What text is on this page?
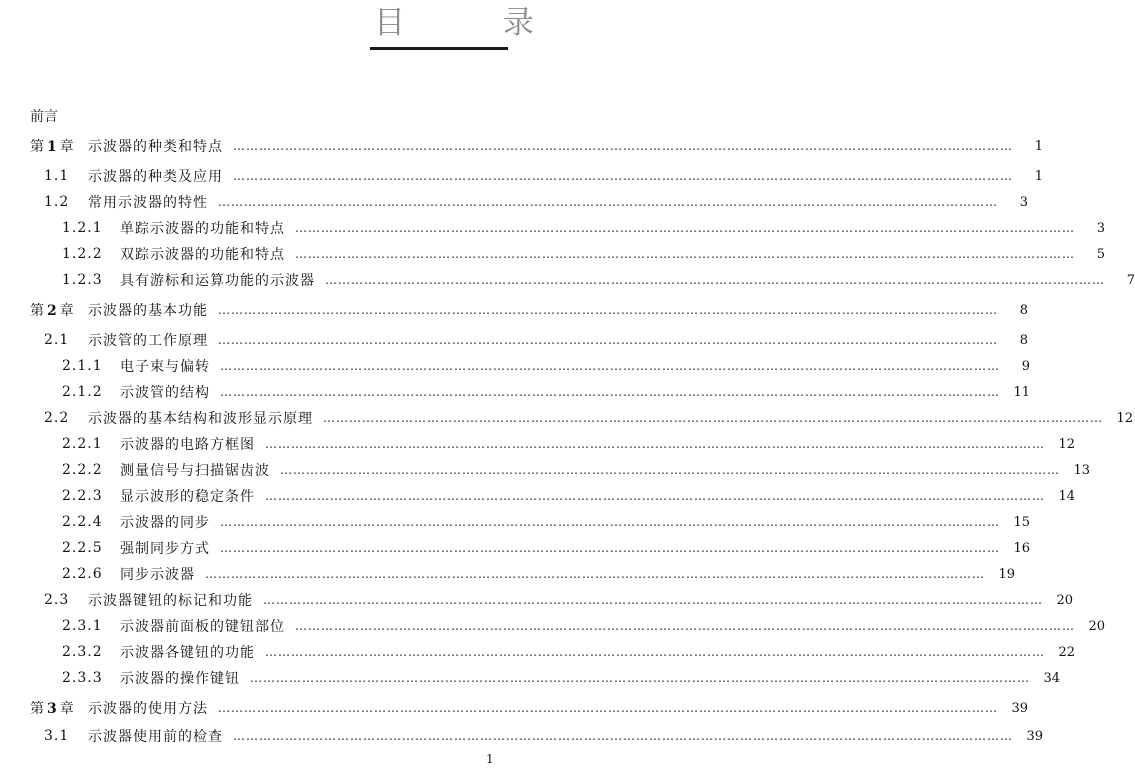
目 录
前言
第 1 章 示波器的种类和特点 ………………………………………………………………………………………………………………………………………………………………	1
1.1	示波器的种类及应用 ………………………………………………………………………………………………………………………………………………………………	1
1.2	常用示波器的特性 ………………………………………………………………………………………………………………………………………………………………	3
1.2.1	单踪示波器的功能和特点 ………………………………………………………………………………………………………………………………………………………………	3
1.2.2	双踪示波器的功能和特点 ………………………………………………………………………………………………………………………………………………………………	5
1.2.3	具有游标和运算功能的示波器 ………………………………………………………………………………………………………………………………………………………………	7
第 2 章 示波器的基本功能 ………………………………………………………………………………………………………………………………………………………………	8
2.1	示波管的工作原理 ………………………………………………………………………………………………………………………………………………………………	8
2.1.1	电子束与偏转 ………………………………………………………………………………………………………………………………………………………………	9
2.1.2	示波管的结构 ………………………………………………………………………………………………………………………………………………………………	11
2.2	示波器的基本结构和波形显示原理 ………………………………………………………………………………………………………………………………………………………………	12
2.2.1	示波器的电路方框图 ………………………………………………………………………………………………………………………………………………………………	12
2.2.2	测量信号与扫描锯齿波 ………………………………………………………………………………………………………………………………………………………………	13
2.2.3	显示波形的稳定条件 ………………………………………………………………………………………………………………………………………………………………	14
2.2.4	示波器的同步 ………………………………………………………………………………………………………………………………………………………………	15
2.2.5	强制同步方式 ………………………………………………………………………………………………………………………………………………………………	16
2.2.6	同步示波器 ………………………………………………………………………………………………………………………………………………………………	19
2.3	示波器键钮的标记和功能 ………………………………………………………………………………………………………………………………………………………………	20
2.3.1	示波器前面板的键钮部位 ………………………………………………………………………………………………………………………………………………………………	20
2.3.2	示波器各键钮的功能 ………………………………………………………………………………………………………………………………………………………………	22
2.3.3	示波器的操作键钮 ………………………………………………………………………………………………………………………………………………………………	34
第 3 章 示波器的使用方法 ………………………………………………………………………………………………………………………………………………………………	39
3.1	示波器使用前的检查 ………………………………………………………………………………………………………………………………………………………………	39
1
